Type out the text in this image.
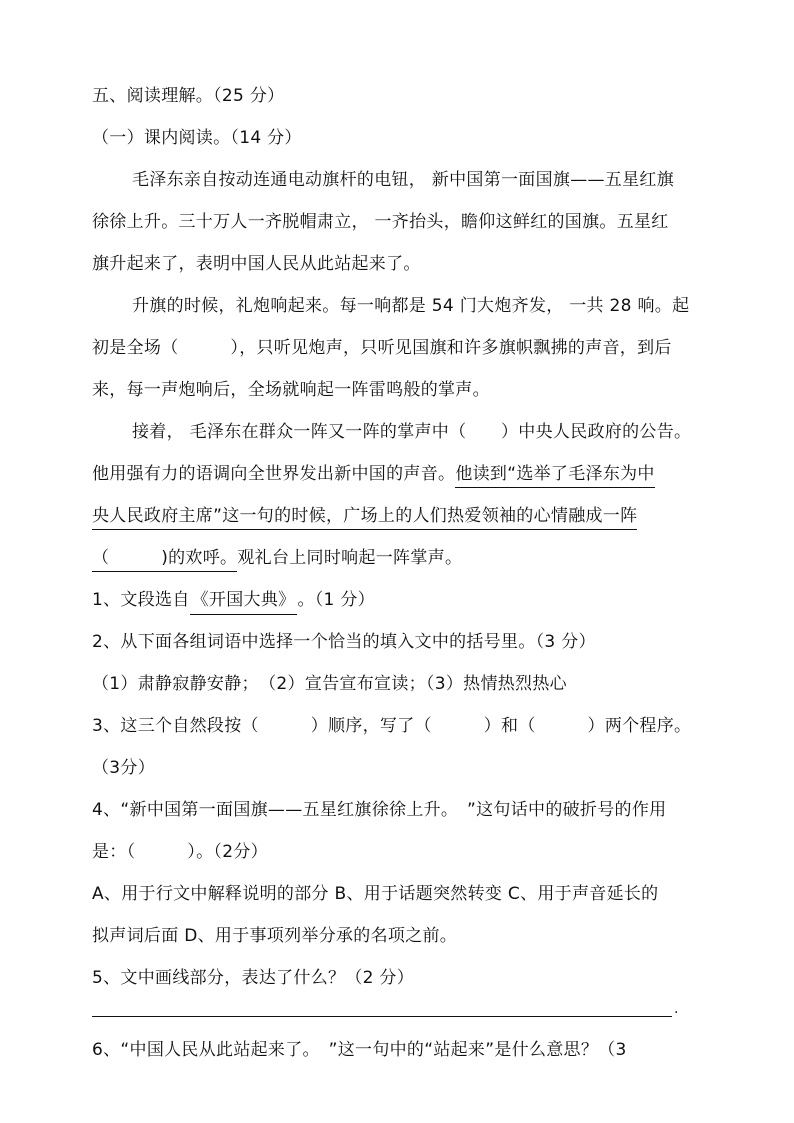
五、阅读理解。（25 分）
（一）课内阅读。（14 分）
毛泽东亲自按动连通电动旗杆的电钮， 新中国第一面国旗——五星红旗
徐徐上升。三十万人一齐脱帽肃立， 一齐抬头，瞻仰这鲜红的国旗。五星红
旗升起来了，表明中国人民从此站起来了。
升旗的时候，礼炮响起来。每一响都是 54 门大炮齐发， 一共 28 响。起
初是全场（　　　），只听见炮声，只听见国旗和许多旗帜飘拂的声音，到后
来，每一声炮响后，全场就响起一阵雷鸣般的掌声。
接着， 毛泽东在群众一阵又一阵的掌声中（　　）中央人民政府的公告。
他用强有力的语调向全世界发出新中国的声音。他读到“选举了毛泽东为中
央人民政府主席”这一句的时候，广场上的人们热爱领袖的心情融成一阵
（　　　)的欢呼。观礼台上同时响起一阵掌声。
1、文段选自 《开国大典》 。（1 分）
2、从下面各组词语中选择一个恰当的填入文中的括号里。（3 分）
（1）肃静寂静安静；　（2）宣告宣布宣读；（3）热情热烈热心
3、这三个自然段按（　　　）顺序，写了（　　　）和（　　　）两个程序。
（3分）
4、“新中国第一面国旗——五星红旗徐徐上升。　”这句话中的破折号的作用
是：（　　　）。（2分）
A、用于行文中解释说明的部分 B、用于话题突然转变 C、用于声音延长的
拟声词后面 D、用于事项列举分承的名项之前。
5、文中画线部分，表达了什么？（2 分）
.
6、“中国人民从此站起来了。　”这一句中的“站起来”是什么意思？（3
